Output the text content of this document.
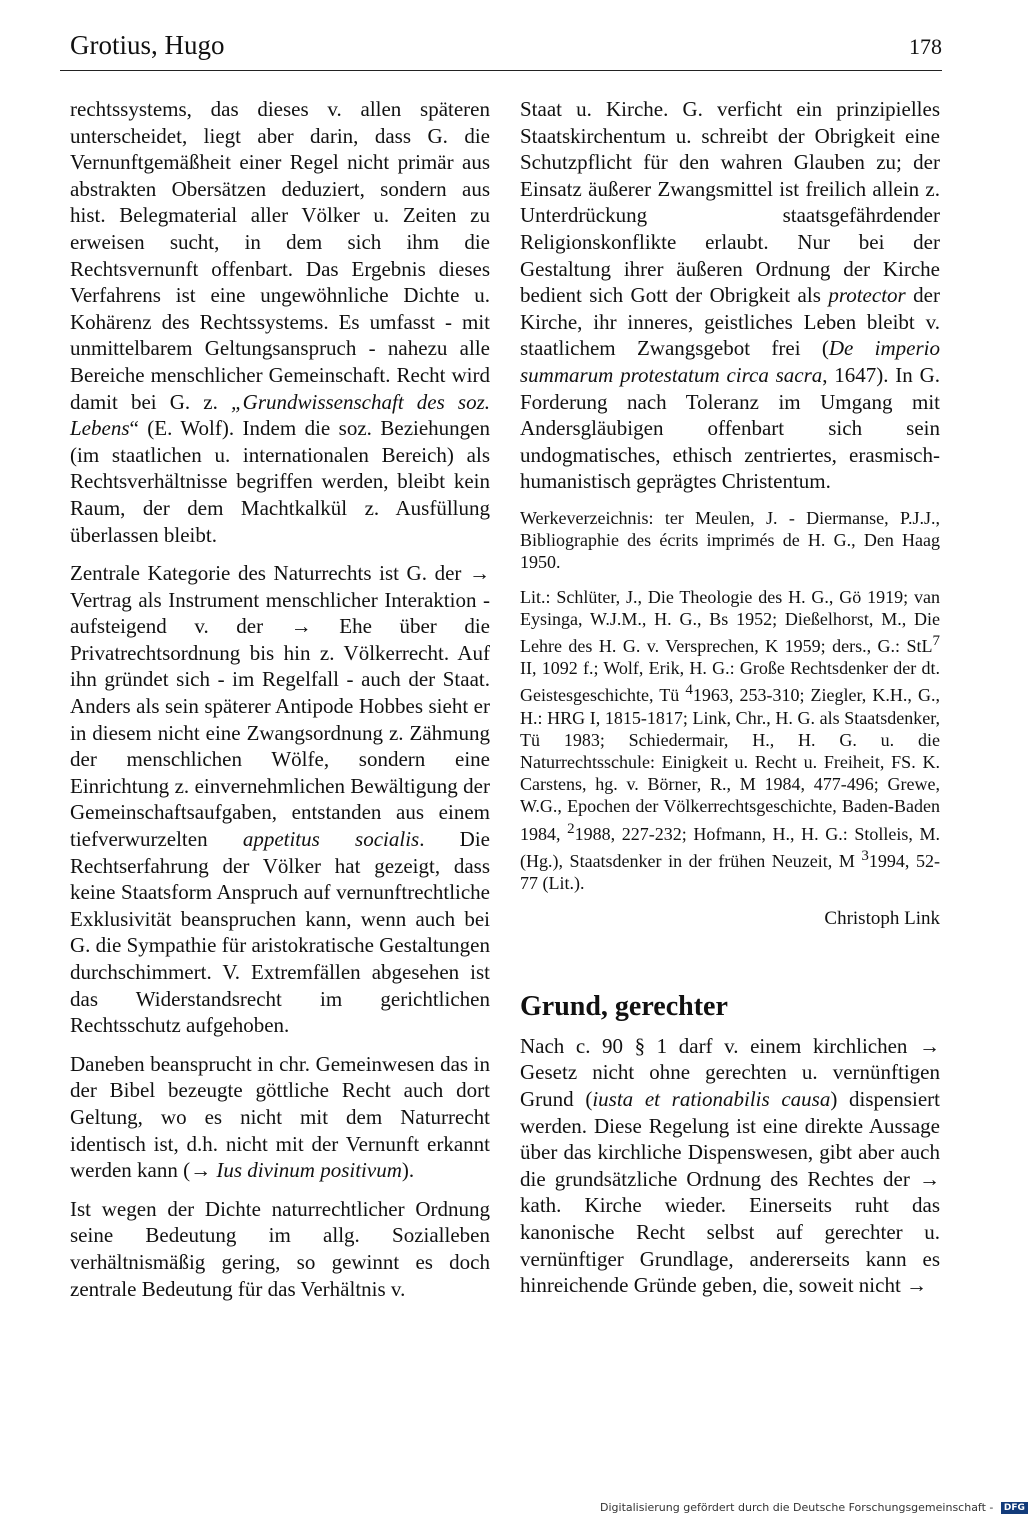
Grotius, Hugo	178

rechtssystems, das dieses v. allen späteren unterscheidet, liegt aber darin, dass G. die Vernunftgemäßheit einer Regel nicht primär aus abstrakten Obersätzen deduziert, sondern aus hist. Belegmaterial aller Völker u. Zeiten zu erweisen sucht, in dem sich ihm die Rechtsvernunft offenbart. Das Ergebnis dieses Verfahrens ist eine ungewöhnliche Dichte u. Kohärenz des Rechtssystems. Es umfasst - mit unmittelbarem Geltungsanspruch - nahezu alle Bereiche menschlicher Gemeinschaft. Recht wird damit bei G. z. „Grundwissenschaft des soz. Lebens“ (E. Wolf). Indem die soz. Beziehungen (im staatlichen u. internationalen Bereich) als Rechtsverhältnisse begriffen werden, bleibt kein Raum, der dem Machtkalkül z. Ausfüllung überlassen bleibt.

Zentrale Kategorie des Naturrechts ist G. der → Vertrag als Instrument menschlicher Interaktion - aufsteigend v. der → Ehe über die Privatrechtsordnung bis hin z. Völkerrecht. Auf ihn gründet sich - im Regelfall - auch der Staat. Anders als sein späterer Antipode Hobbes sieht er in diesem nicht eine Zwangsordnung z. Zähmung der menschlichen Wölfe, sondern eine Einrichtung z. einvernehmlichen Bewältigung der Gemeinschaftsaufgaben, entstanden aus einem tiefverwurzelten appetitus socialis. Die Rechtserfahrung der Völker hat gezeigt, dass keine Staatsform Anspruch auf vernunftrechtliche Exklusivität beanspruchen kann, wenn auch bei G. die Sympathie für aristokratische Gestaltungen durchschimmert. V. Extremfällen abgesehen ist das Widerstandsrecht im gerichtlichen Rechtsschutz aufgehoben.

Daneben beansprucht in chr. Gemeinwesen das in der Bibel bezeugte göttliche Recht auch dort Geltung, wo es nicht mit dem Naturrecht identisch ist, d.h. nicht mit der Vernunft erkannt werden kann (→ Ius divinum positivum).

Ist wegen der Dichte naturrechtlicher Ordnung seine Bedeutung im allg. Sozialleben verhältnismäßig gering, so gewinnt es doch zentrale Bedeutung für das Verhältnis v.

Staat u. Kirche. G. verficht ein prinzipielles Staatskirchentum u. schreibt der Obrigkeit eine Schutzpflicht für den wahren Glauben zu; der Einsatz äußerer Zwangsmittel ist freilich allein z. Unterdrückung staatsgefährdender Religionskonflikte erlaubt. Nur bei der Gestaltung ihrer äußeren Ordnung der Kirche bedient sich Gott der Obrigkeit als protector der Kirche, ihr inneres, geistliches Leben bleibt v. staatlichem Zwangsgebot frei (De imperio summarum protestatum circa sacra, 1647). In G. Forderung nach Toleranz im Umgang mit Andersgläubigen offenbart sich sein undogmatisches, ethisch zentriertes, erasmisch-humanistisch geprägtes Christentum.

Werkeverzeichnis: ter Meulen, J. - Diermanse, P.J.J., Bibliographie des écrits imprimés de H. G., Den Haag 1950.

Lit.: Schlüter, J., Die Theologie des H. G., Gö 1919; van Eysinga, W.J.M., H. G., Bs 1952; Dießelhorst, M., Die Lehre des H. G. v. Versprechen, K 1959; ders., G.: StL$^7$ II, 1092 f.; Wolf, Erik, H. G.: Große Rechtsdenker der dt. Geistesgeschichte, Tü $^4$1963, 253-310; Ziegler, K.H., G., H.: HRG I, 1815-1817; Link, Chr., H. G. als Staatsdenker, Tü 1983; Schiedermair, H., H. G. u. die Naturrechtsschule: Einigkeit u. Recht u. Freiheit, FS. K. Carstens, hg. v. Börner, R., M 1984, 477-496; Grewe, W.G., Epochen der Völkerrechtsgeschichte, Baden-Baden 1984, $^2$1988, 227-232; Hofmann, H., H. G.: Stolleis, M. (Hg.), Staatsdenker in der frühen Neuzeit, M $^3$1994, 52-77 (Lit.).

Christoph Link
Grund, gerechter

Nach c. 90 § 1 darf v. einem kirchlichen → Gesetz nicht ohne gerechten u. vernünftigen Grund (iusta et rationabilis causa) dispensiert werden. Diese Regelung ist eine direkte Aussage über das kirchliche Dispenswesen, gibt aber auch die grundsätzliche Ordnung des Rechtes der → kath. Kirche wieder. Einerseits ruht das kanonische Recht selbst auf gerechter u. vernünftiger Grundlage, andererseits kann es hinreichende Gründe geben, die, soweit nicht →

Digitalisierung gefördert durch die Deutsche Forschungsgemeinschaft - DFG
